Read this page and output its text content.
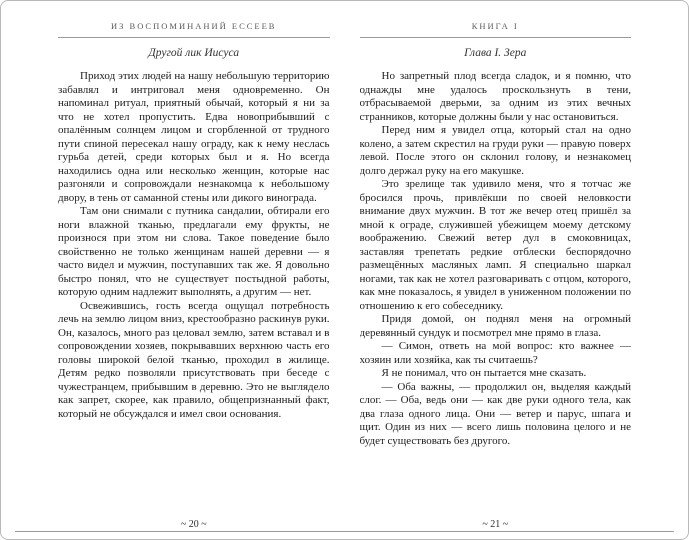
ИЗ ВОСПОМИНАНИЙ ЕССЕЕВ
Другой лик Иисуса

Приход этих людей на нашу небольшую территорию забавлял и интриговал меня одновременно. Он напоминал ритуал, приятный обычай, который я ни за что не хотел пропустить. Едва новоприбывший с опалённым солнцем лицом и сгорбленной от трудного пути спиной пересекал нашу ограду, как к нему неслась гурьба детей, среди которых был и я. Но всегда находились одна или несколько женщин, которые нас разгоняли и сопровождали незнакомца к небольшому двору, в тень от саманной стены или дикого винограда.

Там они снимали с путника сандалии, обтирали его ноги влажной тканью, предлагали ему фрукты, не произнося при этом ни слова. Такое поведение было свойственно не только женщинам нашей деревни — я часто видел и мужчин, поступавших так же. Я довольно быстро понял, что не существует постыдной работы, которую одним надлежит выполнять, а другим — нет.

Освежившись, гость всегда ощущал потребность лечь на землю лицом вниз, крестообразно раскинув руки. Он, казалось, много раз целовал землю, затем вставал и в сопровождении хозяев, покрывавших верхнюю часть его головы широкой белой тканью, проходил в жилище. Детям редко позволяли присутствовать при беседе с чужестранцем, прибывшим в деревню. Это не выглядело как запрет, скорее, как правило, общепризнанный факт, который не обсуждался и имел свои основания.

~ 20 ~
КНИГА I
Глава I. Зера

Но запретный плод всегда сладок, и я помню, что однажды мне удалось проскользнуть в тени, отбрасываемой дверьми, за одним из этих вечных странников, которые должны были у нас остановиться.

Перед ним я увидел отца, который стал на одно колено, а затем скрестил на груди руки — правую поверх левой. После этого он склонил голову, и незнакомец долго держал руку на его макушке.

Это зрелище так удивило меня, что я тотчас же бросился прочь, привлёкши по своей неловкости внимание двух мужчин. В тот же вечер отец пришёл за мной к ограде, служившей убежищем моему детскому воображению. Свежий ветер дул в смоковницах, заставляя трепетать редкие отблески беспорядочно размещённых масляных ламп. Я специально шаркал ногами, так как не хотел разговаривать с отцом, которого, как мне показалось, я увидел в униженном положении по отношению к его собеседнику.

Придя домой, он поднял меня на огромный деревянный сундук и посмотрел мне прямо в глаза.

— Симон, ответь на мой вопрос: кто важнее — хозяин или хозяйка, как ты считаешь?

Я не понимал, что он пытается мне сказать.

— Оба важны, — продолжил он, выделяя каждый слог. — Оба, ведь они — как две руки одного тела, как два глаза одного лица. Они — ветер и парус, шпага и щит. Один из них — всего лишь половина целого и не будет существовать без другого.

~ 21 ~
